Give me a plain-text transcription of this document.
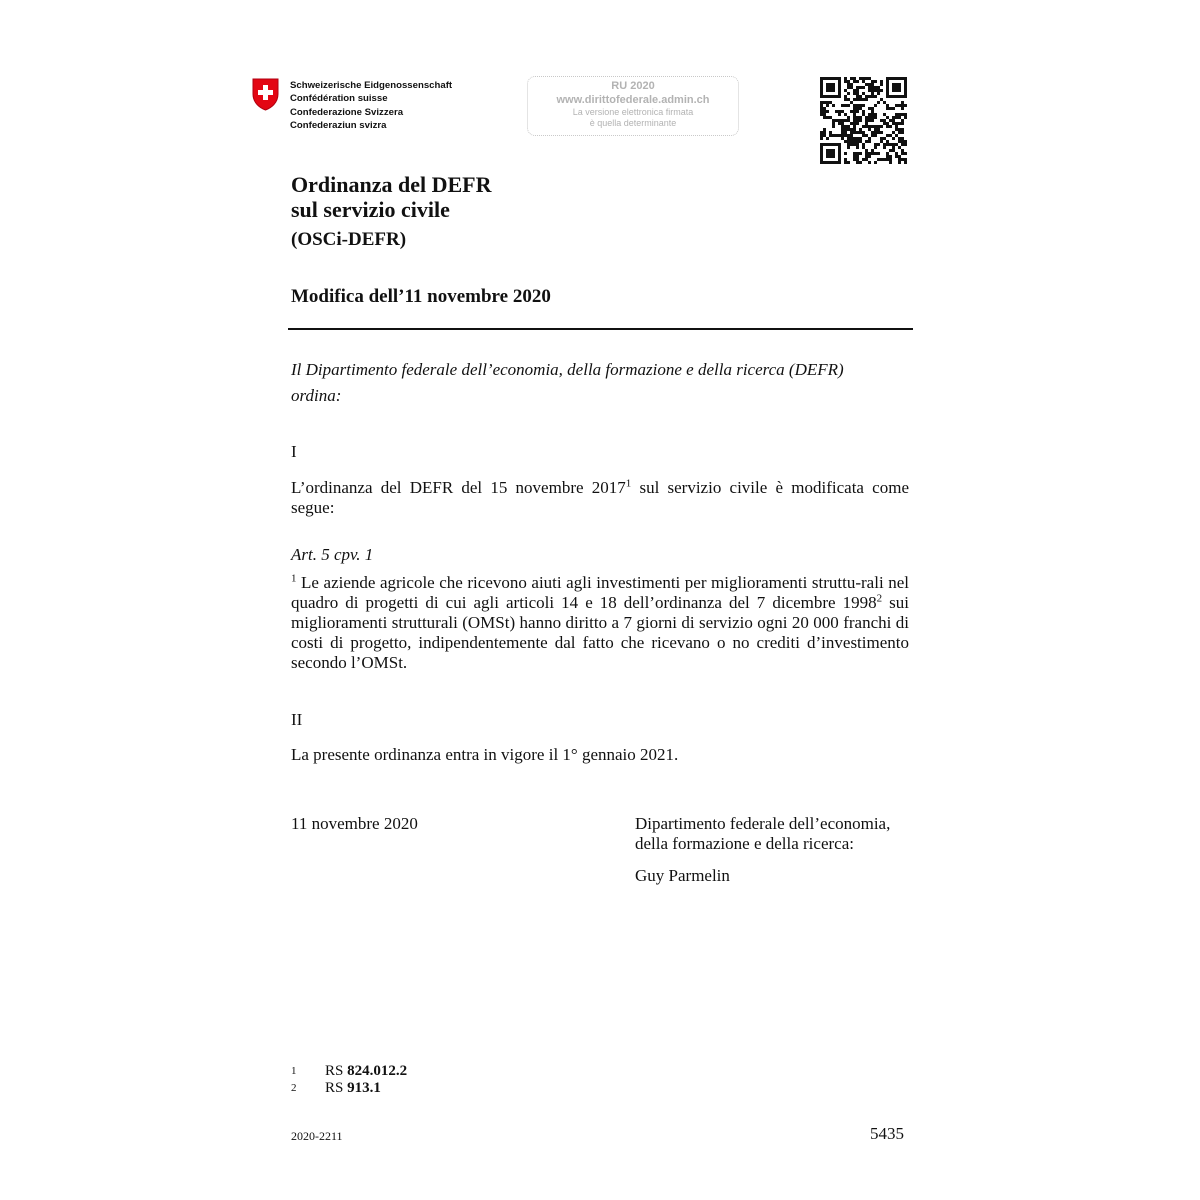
Schweizerische Eidgenossenschaft
Confédération suisse
Confederazione Svizzera
Confederaziun svizra
RU 2020
www.dirittofederale.admin.ch
La versione elettronica firmata
è quella determinante
Ordinanza del DEFR
sul servizio civile
(OSCi-DEFR)
Modifica dell’11 novembre 2020
Il Dipartimento federale dell’economia, della formazione e della ricerca (DEFR)
ordina:
I
L’ordinanza del DEFR del 15 novembre 2017$^1$ sul servizio civile è modificata come segue:
Art. 5 cpv. 1
$^1$ Le aziende agricole che ricevono aiuti agli investimenti per miglioramenti struttu-rali nel quadro di progetti di cui agli articoli 14 e 18 dell’ordinanza del 7 dicembre 1998$^2$ sui miglioramenti strutturali (OMSt) hanno diritto a 7 giorni di servizio ogni 20 000 franchi di costi di progetto, indipendentemente dal fatto che ricevano o no crediti d’investimento secondo l’OMSt.
II
La presente ordinanza entra in vigore il 1° gennaio 2021.
11 novembre 2020	Dipartimento federale dell’economia,
della formazione e della ricerca:
Guy Parmelin
1 RS 824.012.2
2 RS 913.1
2020-2211	5435
